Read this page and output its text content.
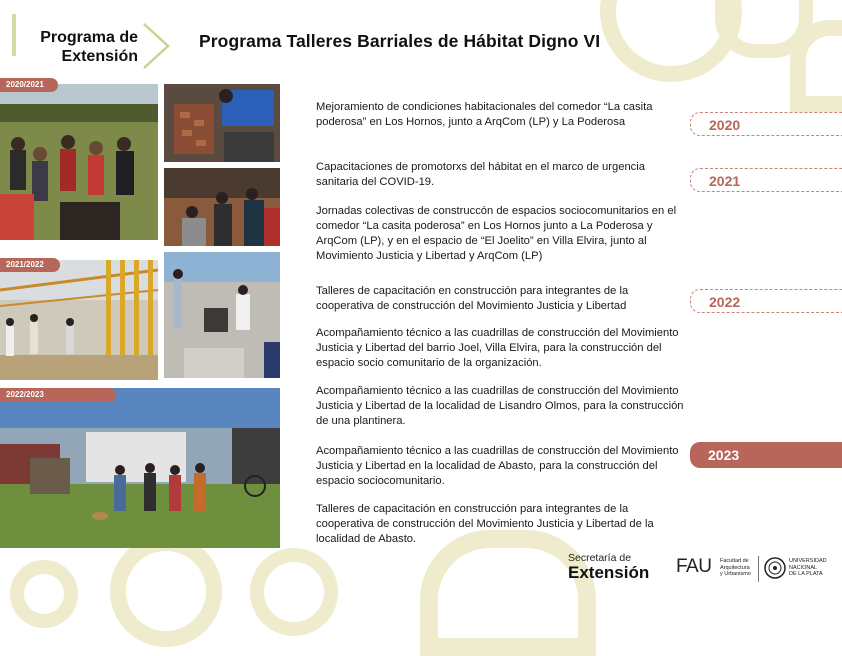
Programa de
Extensión
Programa Talleres Barriales de Hábitat Digno VI
2020/2021
2021/2022
2022/2023
Mejoramiento de condiciones habitacionales del comedor “La casita poderosa” en Los Hornos, junto a ArqCom (LP) y La Poderosa
Capacitaciones de promotorxs del hábitat en el marco de urgencia sanitaria del COVID-19.
Jornadas colectivas de construccón de espacios sociocomunitarios en el comedor “La casita poderosa” en Los Hornos junto a La Poderosa y ArqCom (LP), y en el espacio de “El Joelito” en Villa Elvira, junto al Movimiento Justicia y Libertad y ArqCom (LP)
Talleres de capacitación en construcción para integrantes de la cooperativa de construcción del Movimiento Justicia y Libertad
Acompañamiento técnico a las cuadrillas de construcción del Movimiento Justicia y Libertad del barrio Joel, Villa Elvira, para la construcción del espacio socio comunitario de la organización.
Acompañamiento técnico a las cuadrillas de construcción del Movimiento Justicia y Libertad de la localidad de Lisandro Olmos, para la construcción de una plantinera.
Acompañamiento técnico a las cuadrillas de construcción del Movimiento Justicia y Libertad en la localidad de Abasto, para la construcción del espacio sociocomunitario.
Talleres de capacitación en construcción para integrantes de la cooperativa de construcción del Movimiento Justicia y Libertad de la localidad de Abasto.
2020
2021
2022
2023
Secretaría de
Extensión FAU Facultad de
Arquitectura
y Urbanismo
UNIVERSIDAD
NACIONAL
DE LA PLATA
